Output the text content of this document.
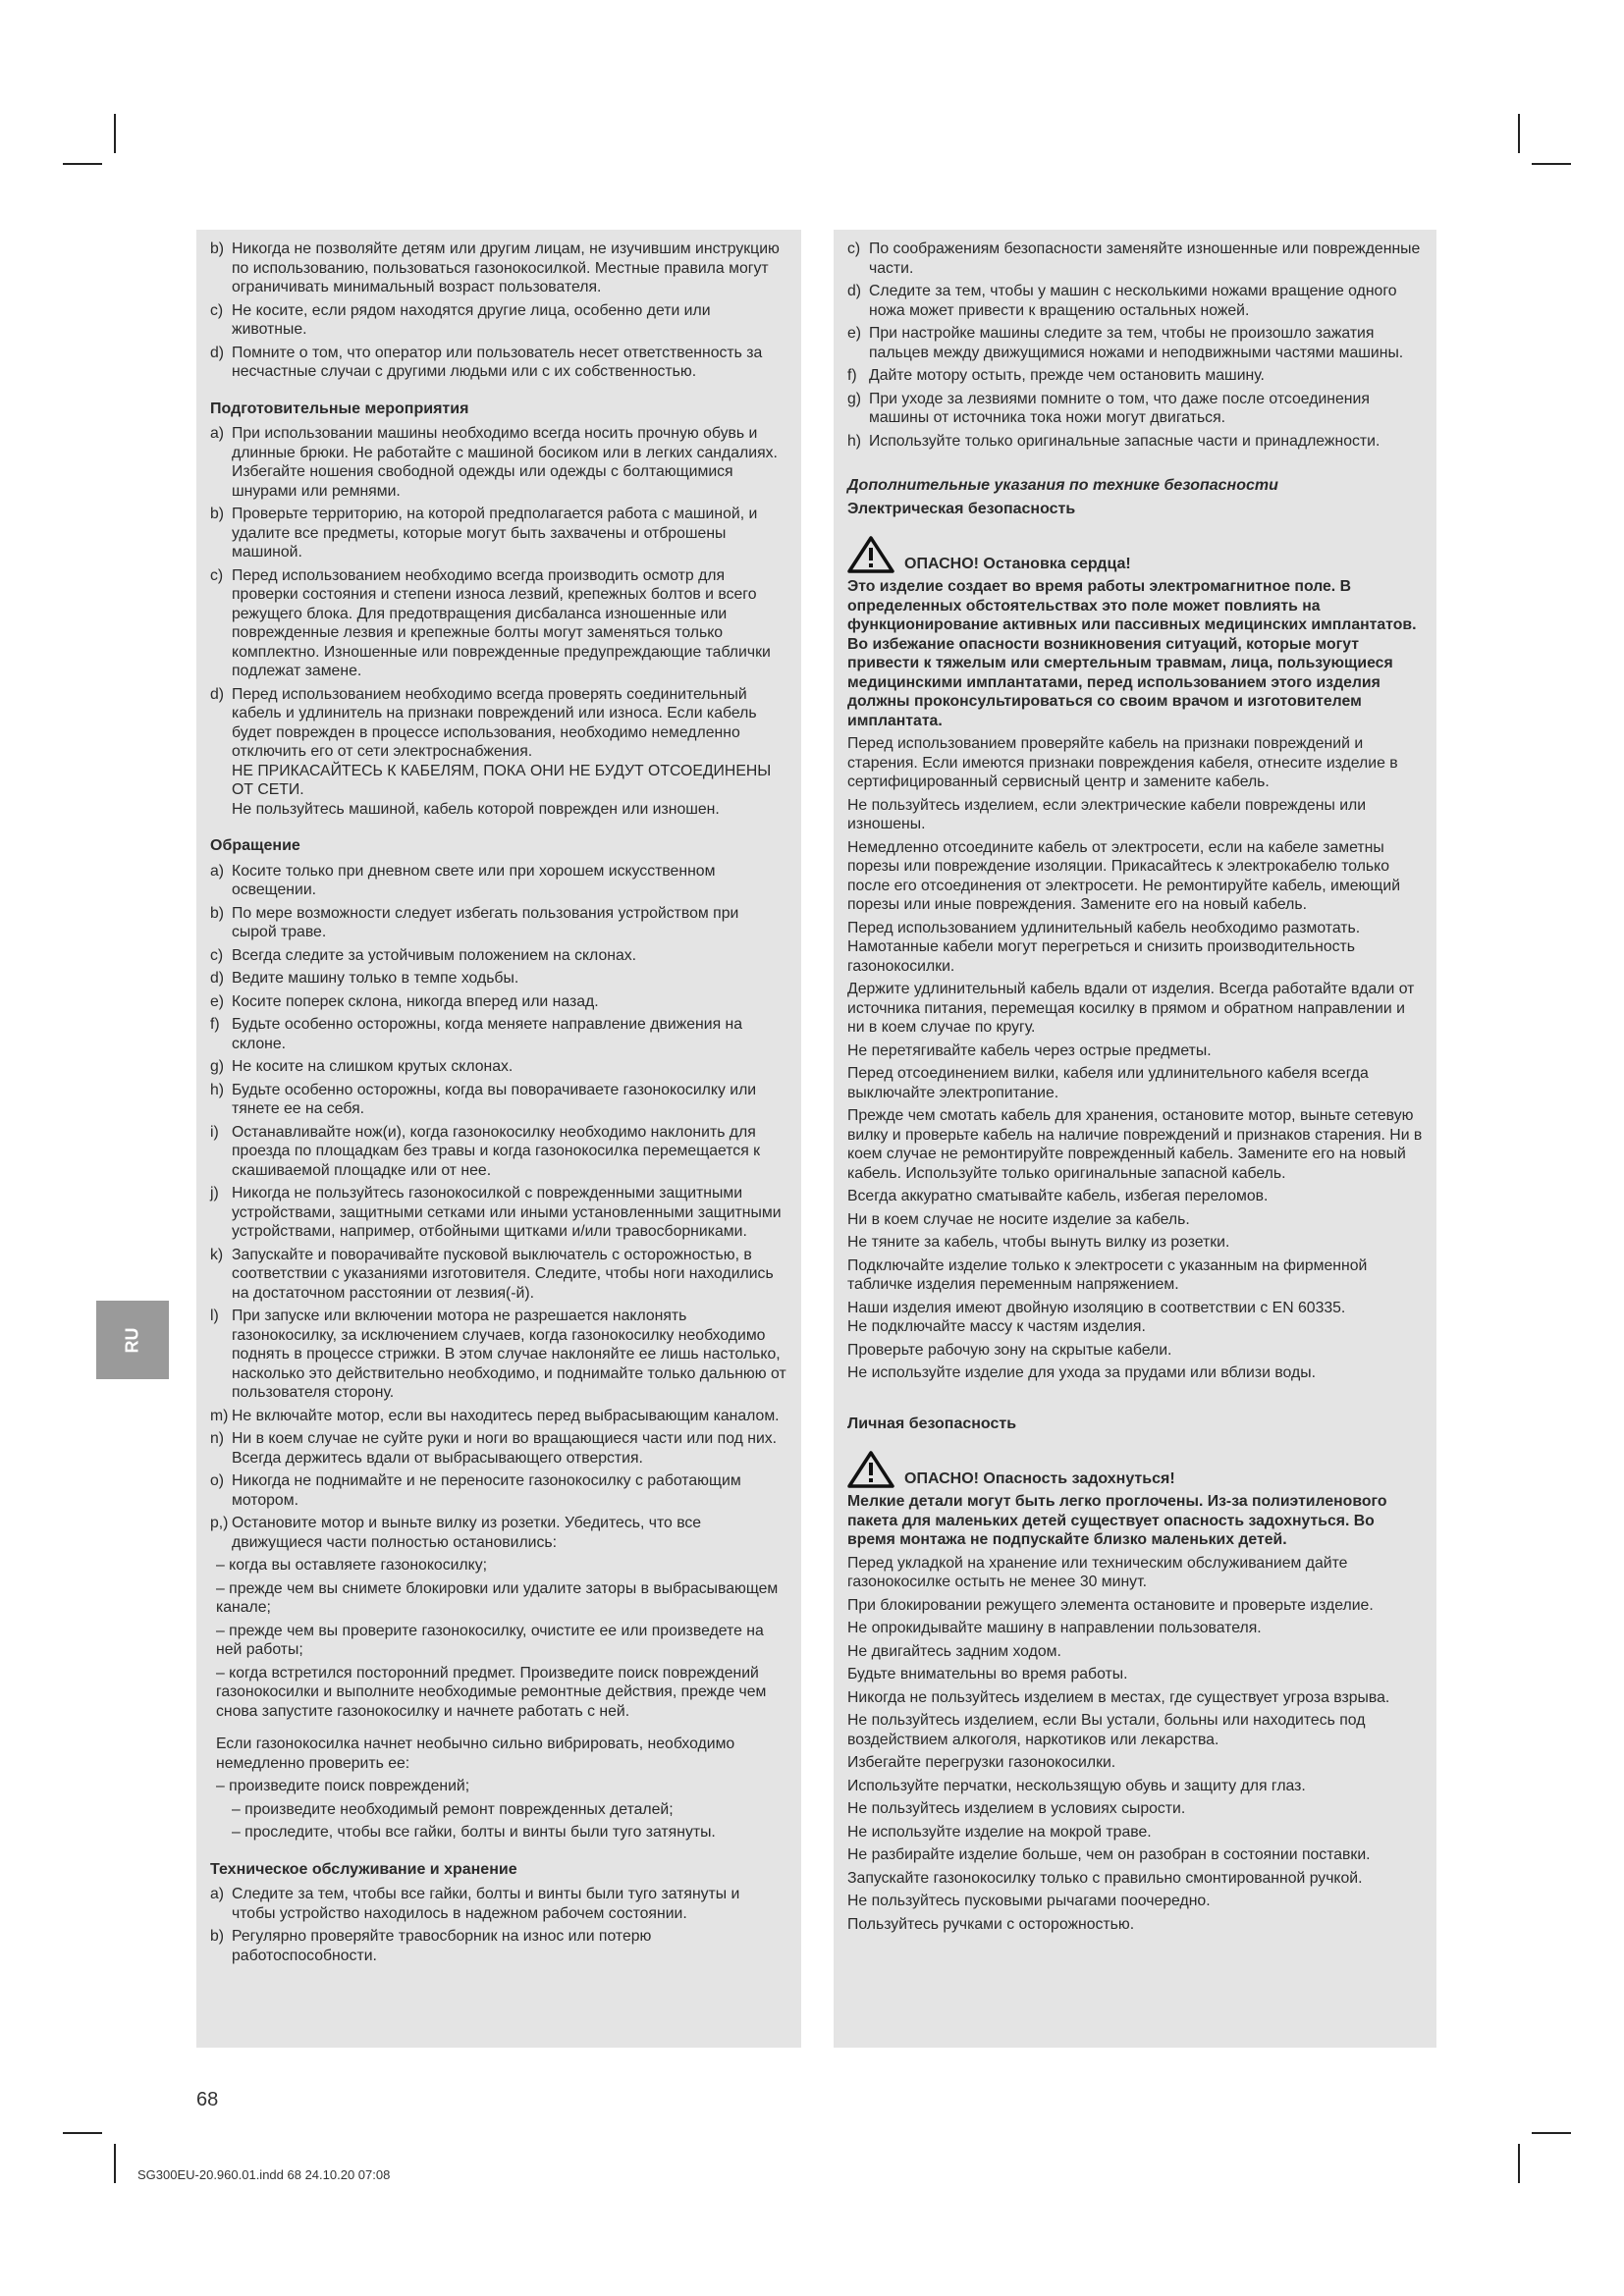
RU
b) Никогда не позволяйте детям или другим лицам, не изучившим инструкцию по использованию, пользоваться газонокосилкой. Местные правила могут ограничивать минимальный возраст пользователя.
c) Не косите, если рядом находятся другие лица, особенно дети или животные.
d) Помните о том, что оператор или пользователь несет ответственность за несчастные случаи с другими людьми или с их собственностью.
Подготовительные мероприятия
a) При использовании машины необходимо всегда носить прочную обувь и длинные брюки. Не работайте с машиной босиком или в легких сандалиях. Избегайте ношения свободной одежды или одежды с болтающимися шнурами или ремнями.
b) Проверьте территорию, на которой предполагается работа с машиной, и удалите все предметы, которые могут быть захвачены и отброшены машиной.
c) Перед использованием необходимо всегда производить осмотр для проверки состояния и степени износа лезвий, крепежных болтов и всего режущего блока. Для предотвращения дисбаланса изношенные или поврежденные лезвия и крепежные болты могут заменяться только комплектно. Изношенные или поврежденные предупреждающие таблички подлежат замене.
d) Перед использованием необходимо всегда проверять соединительный кабель и удлинитель на признаки повреждений или износа. Если кабель будет поврежден в процессе использования, необходимо немедленно отключить его от сети электроснабжения.
НЕ ПРИКАСАЙТЕСЬ К КАБЕЛЯМ, ПОКА ОНИ НЕ БУДУТ ОТСОЕДИНЕНЫ ОТ СЕТИ.
Не пользуйтесь машиной, кабель которой поврежден или изношен.
Обращение
a) Косите только при дневном свете или при хорошем искусственном освещении.
b) По мере возможности следует избегать пользования устройством при сырой траве.
c) Всегда следите за устойчивым положением на склонах.
d) Ведите машину только в темпе ходьбы.
e) Косите поперек склона, никогда вперед или назад.
f) Будьте особенно осторожны, когда меняете направление движения на склоне.
g) Не косите на слишком крутых склонах.
h) Будьте особенно осторожны, когда вы поворачиваете газонокосилку или тянете ее на себя.
i) Останавливайте нож(и), когда газонокосилку необходимо наклонить для проезда по площадкам без травы и когда газонокосилка перемещается к скашиваемой площадке или от нее.
j) Никогда не пользуйтесь газонокосилкой с поврежденными защитными устройствами, защитными сетками или иными установленными защитными устройствами, например, отбойными щитками и/или травосборниками.
k) Запускайте и поворачивайте пусковой выключатель с осторожностью, в соответствии с указаниями изготовителя. Следите, чтобы ноги находились на достаточном расстоянии от лезвия(-й).
l) При запуске или включении мотора не разрешается наклонять газонокосилку, за исключением случаев, когда газонокосилку необходимо поднять в процессе стрижки. В этом случае наклоняйте ее лишь настолько, насколько это действительно необходимо, и поднимайте только дальнюю от пользователя сторону.
m) Не включайте мотор, если вы находитесь перед выбрасывающим каналом.
n) Ни в коем случае не суйте руки и ноги во вращающиеся части или под них. Всегда держитесь вдали от выбрасывающего отверстия.
o) Никогда не поднимайте и не переносите газонокосилку с работающим мотором.
p,) Остановите мотор и выньте вилку из розетки. Убедитесь, что все движущиеся части полностью остановились:
– когда вы оставляете газонокосилку;
– прежде чем вы снимете блокировки или удалите заторы в выбрасывающем канале;
– прежде чем вы проверите газонокосилку, очистите ее или произведете на ней работы;
– когда встретился посторонний предмет. Произведите поиск повреждений газонокосилки и выполните необходимые ремонтные действия, прежде чем снова запустите газонокосилку и начнете работать с ней.
Если газонокосилка начнет необычно сильно вибрировать, необходимо немедленно проверить ее:
– произведите поиск повреждений;
– произведите необходимый ремонт поврежденных деталей;
– проследите, чтобы все гайки, болты и винты были туго затянуты.
Техническое обслуживание и хранение
a) Следите за тем, чтобы все гайки, болты и винты были туго затянуты и чтобы устройство находилось в надежном рабочем состоянии.
b) Регулярно проверяйте травосборник на износ или потерю работоспособности.
c) По соображениям безопасности заменяйте изношенные или поврежденные части.
d) Следите за тем, чтобы у машин с несколькими ножами вращение одного ножа может привести к вращению остальных ножей.
e) При настройке машины следите за тем, чтобы не произошло зажатия пальцев между движущимися ножами и неподвижными частями машины.
f) Дайте мотору остыть, прежде чем остановить машину.
g) При уходе за лезвиями помните о том, что даже после отсоединения машины от источника тока ножи могут двигаться.
h) Используйте только оригинальные запасные части и принадлежности.
Дополнительные указания по технике безопасности
Электрическая безопасность
ОПАСНО! Остановка сердца!
Это изделие создает во время работы электромагнитное поле. В определенных обстоятельствах это поле может повлиять на функционирование активных или пассивных медицинских имплантатов. Во избежание опасности возникновения ситуаций, которые могут привести к тяжелым или смертельным травмам, лица, пользующиеся медицинскими имплантатами, перед использованием этого изделия должны проконсультироваться со своим врачом и изготовителем имплантата.
Перед использованием проверяйте кабель на признаки повреждений и старения. Если имеются признаки повреждения кабеля, отнесите изделие в сертифицированный сервисный центр и замените кабель.
Не пользуйтесь изделием, если электрические кабели повреждены или изношены.
Немедленно отсоедините кабель от электросети, если на кабеле заметны порезы или повреждение изоляции. Прикасайтесь к электрокабелю только после его отсоединения от электросети. Не ремонтируйте кабель, имеющий порезы или иные повреждения. Замените его на новый кабель.
Перед использованием удлинительный кабель необходимо размотать. Намотанные кабели могут перегреться и снизить производительность газонокосилки.
Держите удлинительный кабель вдали от изделия. Всегда работайте вдали от источника питания, перемещая косилку в прямом и обратном направлении и ни в коем случае по кругу.
Не перетягивайте кабель через острые предметы.
Перед отсоединением вилки, кабеля или удлинительного кабеля всегда выключайте электропитание.
Прежде чем смотать кабель для хранения, остановите мотор, выньте сетевую вилку и проверьте кабель на наличие повреждений и признаков старения. Ни в коем случае не ремонтируйте поврежденный кабель. Замените его на новый кабель. Используйте только оригинальные запасной кабель.
Всегда аккуратно сматывайте кабель, избегая переломов.
Ни в коем случае не носите изделие за кабель.
Не тяните за кабель, чтобы вынуть вилку из розетки.
Подключайте изделие только к электросети с указанным на фирменной табличке изделия переменным напряжением.
Наши изделия имеют двойную изоляцию в соответствии с EN 60335.
Не подключайте массу к частям изделия.
Проверьте рабочую зону на скрытые кабели.
Не используйте изделие для ухода за прудами или вблизи воды.
Личная безопасность
ОПАСНО! Опасность задохнуться!
Мелкие детали могут быть легко проглочены. Из-за полиэтиленового пакета для маленьких детей существует опасность задохнуться. Во время монтажа не подпускайте близко маленьких детей.
Перед укладкой на хранение или техническим обслуживанием дайте газонокосилке остыть не менее 30 минут.
При блокировании режущего элемента остановите и проверьте изделие.
Не опрокидывайте машину в направлении пользователя.
Не двигайтесь задним ходом.
Будьте внимательны во время работы.
Никогда не пользуйтесь изделием в местах, где существует угроза взрыва.
Не пользуйтесь изделием, если Вы устали, больны или находитесь под воздействием алкоголя, наркотиков или лекарства.
Избегайте перегрузки газонокосилки.
Используйте перчатки, нескользящую обувь и защиту для глаз.
Не пользуйтесь изделием в условиях сырости.
Не используйте изделие на мокрой траве.
Не разбирайте изделие больше, чем он разобран в состоянии поставки.
Запускайте газонокосилку только с правильно смонтированной ручкой.
Не пользуйтесь пусковыми рычагами поочередно.
Пользуйтесь ручками с осторожностью.
68
SG300EU-20.960.01.indd 68 24.10.20 07:08
